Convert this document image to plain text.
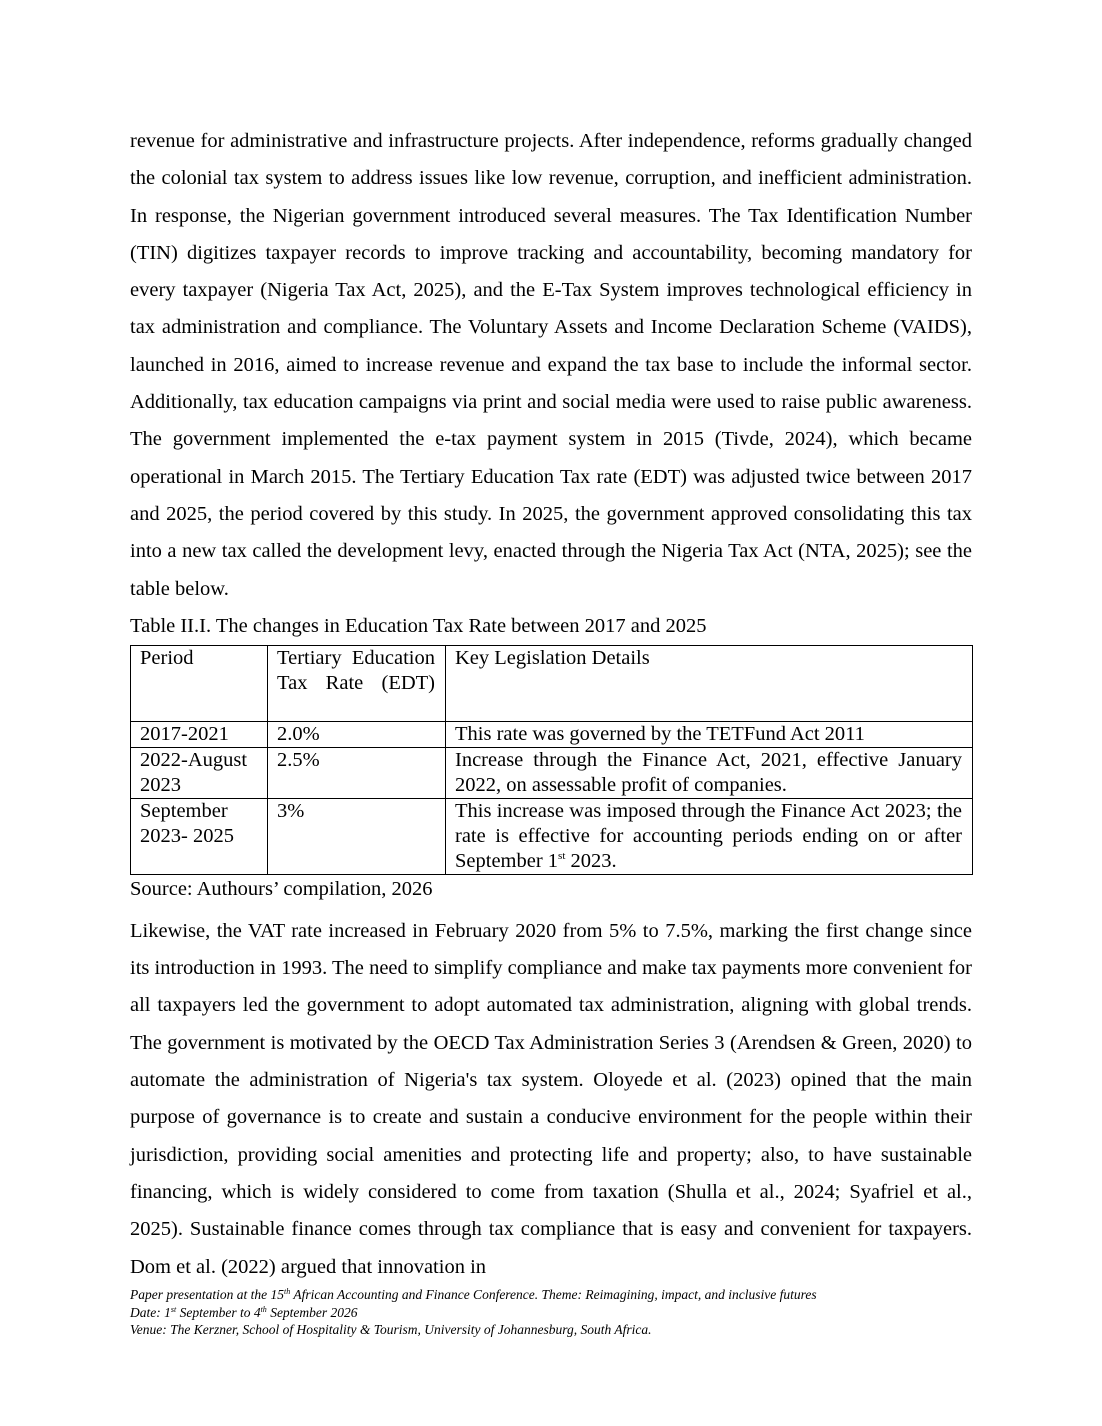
revenue for administrative and infrastructure projects. After independence, reforms gradually changed the colonial tax system to address issues like low revenue, corruption, and inefficient administration. In response, the Nigerian government introduced several measures. The Tax Identification Number (TIN) digitizes taxpayer records to improve tracking and accountability, becoming mandatory for every taxpayer (Nigeria Tax Act, 2025), and the E-Tax System improves technological efficiency in tax administration and compliance. The Voluntary Assets and Income Declaration Scheme (VAIDS), launched in 2016, aimed to increase revenue and expand the tax base to include the informal sector. Additionally, tax education campaigns via print and social media were used to raise public awareness. The government implemented the e-tax payment system in 2015 (Tivde, 2024), which became operational in March 2015. The Tertiary Education Tax rate (EDT) was adjusted twice between 2017 and 2025, the period covered by this study. In 2025, the government approved consolidating this tax into a new tax called the development levy, enacted through the Nigeria Tax Act (NTA, 2025); see the table below.

Table II.I. The changes in Education Tax Rate between 2017 and 2025

Period	Tertiary Education Tax Rate (EDT)	Key Legislation Details
2017-2021	2.0%	This rate was governed by the TETFund Act 2011
2022-August 2023	2.5%	Increase through the Finance Act, 2021, effective January 2022, on assessable profit of companies.
September 2023- 2025	3%	This increase was imposed through the Finance Act 2023; the rate is effective for accounting periods ending on or after September 1st 2023.

Source: Authours’ compilation, 2026

Likewise, the VAT rate increased in February 2020 from 5% to 7.5%, marking the first change since its introduction in 1993. The need to simplify compliance and make tax payments more convenient for all taxpayers led the government to adopt automated tax administration, aligning with global trends. The government is motivated by the OECD Tax Administration Series 3 (Arendsen & Green, 2020) to automate the administration of Nigeria's tax system. Oloyede et al. (2023) opined that the main purpose of governance is to create and sustain a conducive environment for the people within their jurisdiction, providing social amenities and protecting life and property; also, to have sustainable financing, which is widely considered to come from taxation (Shulla et al., 2024; Syafriel et al., 2025). Sustainable finance comes through tax compliance that is easy and convenient for taxpayers. Dom et al. (2022) argued that innovation in

Paper presentation at the 15th African Accounting and Finance Conference. Theme: Reimagining, impact, and inclusive futures
Date: 1st September to 4th September 2026
Venue: The Kerzner, School of Hospitality & Tourism, University of Johannesburg, South Africa.
